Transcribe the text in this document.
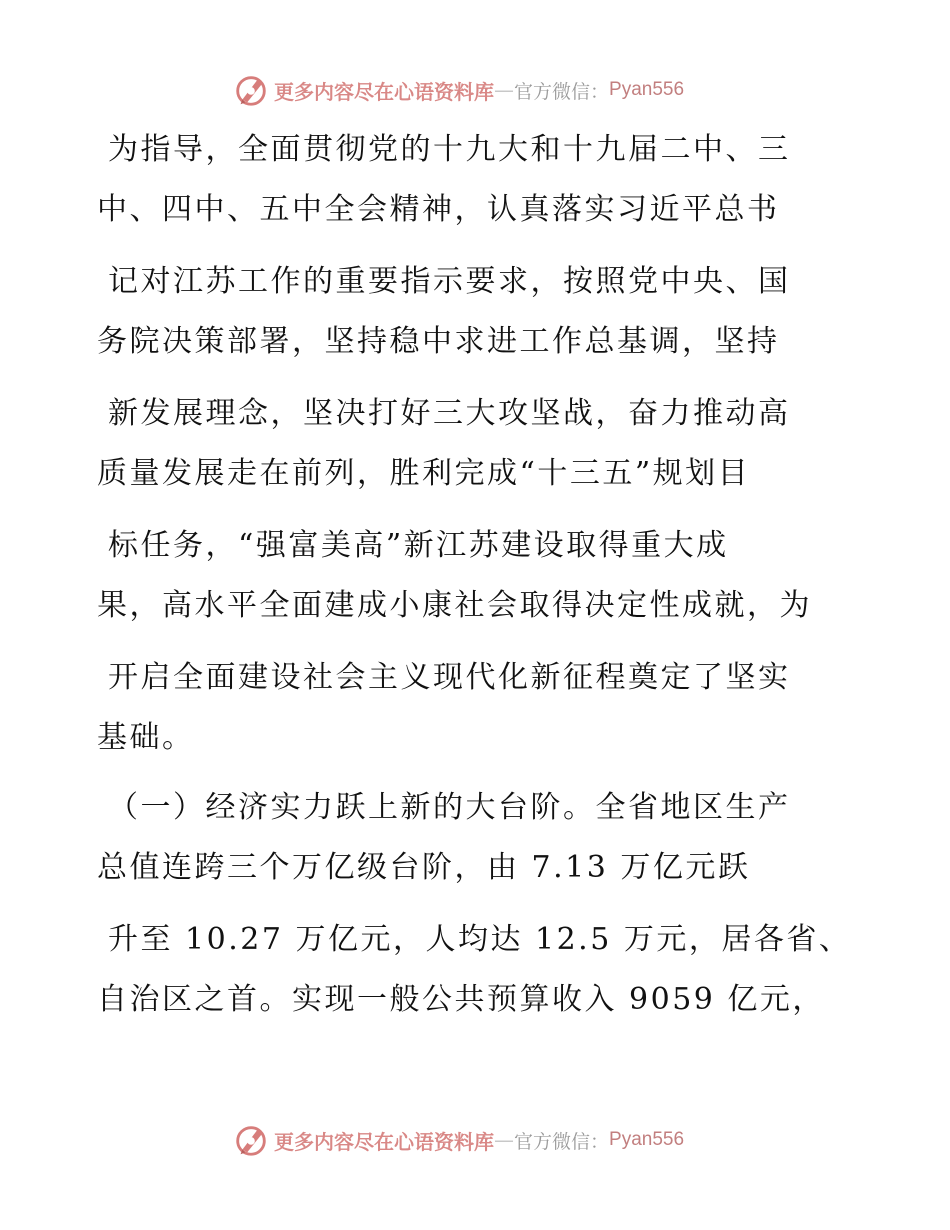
更多内容尽在心语资料库 — 官方微信： Pyan556

为指导，全面贯彻党的十九大和十九届二中、三

中、四中、五中全会精神，认真落实习近平总书

记对江苏工作的重要指示要求，按照党中央、国

务院决策部署，坚持稳中求进工作总基调，坚持

新发展理念，坚决打好三大攻坚战，奋力推动高

质量发展走在前列，胜利完成“十三五”规划目

标任务，“强富美高”新江苏建设取得重大成

果，高水平全面建成小康社会取得决定性成就，为

开启全面建设社会主义现代化新征程奠定了坚实

基础。

（一）经济实力跃上新的大台阶。全省地区生产

总值连跨三个万亿级台阶，由 7.13 万亿元跃

升至 10.27 万亿元，人均达 12.5 万元，居各省、

自治区之首。实现一般公共预算收入 9059 亿元，

更多内容尽在心语资料库 — 官方微信： Pyan556
